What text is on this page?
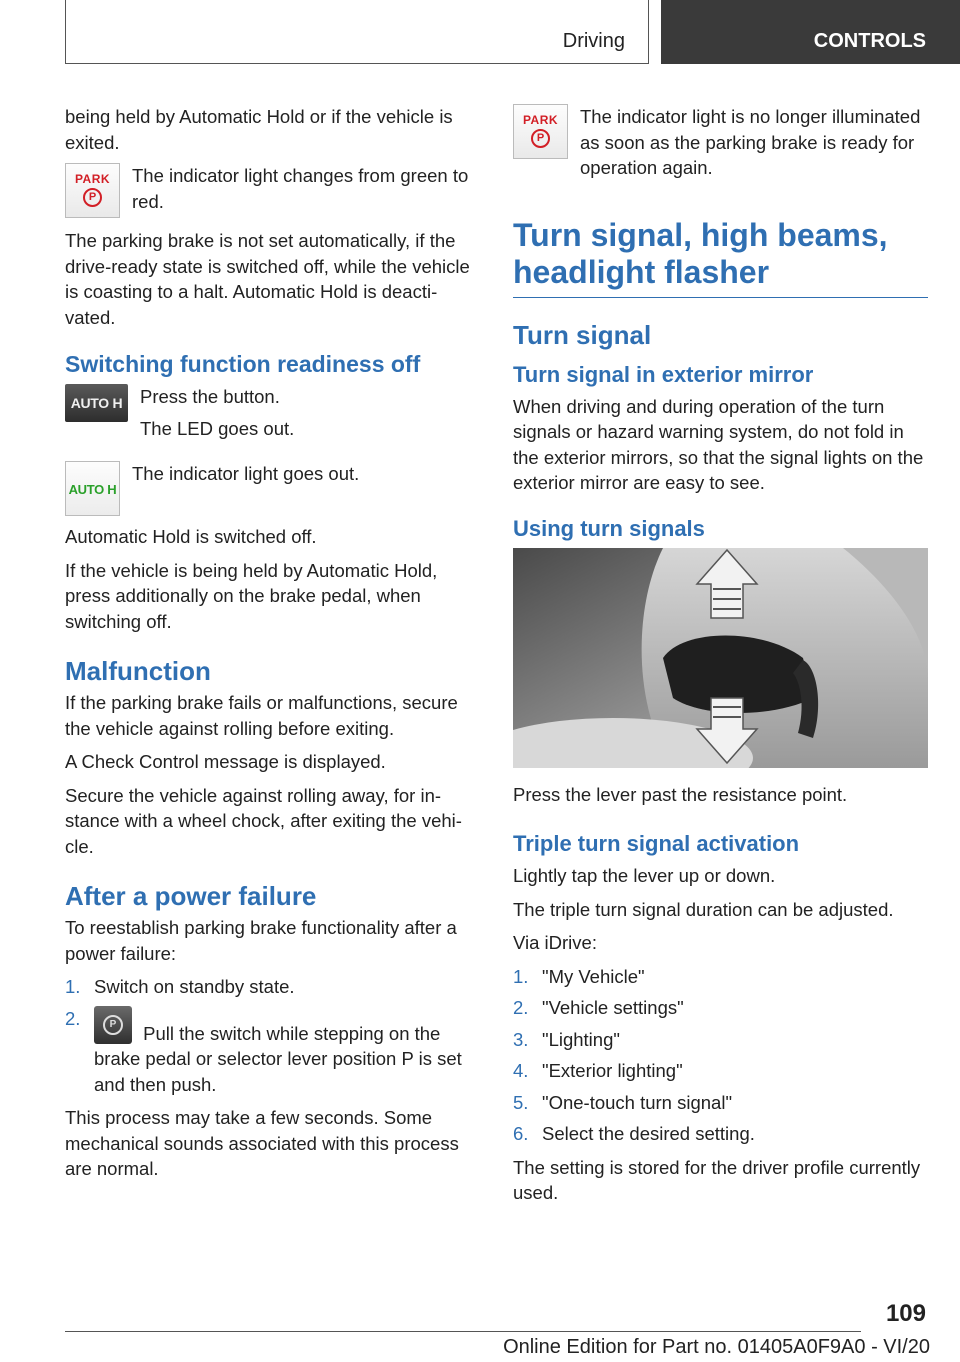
Driving	CONTROLS

being held by Automatic Hold or if the vehicle is exited.

PARK
P

The indicator light changes from green to red.

The parking brake is not set automatically, if the drive-ready state is switched off, while the vehicle is coasting to a halt. Automatic Hold is deactivated.

Switching function readiness off
AUTO H Press the button.

The LED goes out.

AUTO H

The indicator light goes out.

Automatic Hold is switched off.

If the vehicle is being held by Automatic Hold, press additionally on the brake pedal, when switching off.

Malfunction

If the parking brake fails or malfunctions, secure the vehicle against rolling before exiting.

A Check Control message is displayed.

Secure the vehicle against rolling away, for instance with a wheel chock, after exiting the vehicle.

After a power failure

To reestablish parking brake functionality after a power failure:

1. Switch on standby state.
2.	P	Pull the switch while stepping on the brake pedal or selector lever position P is set and then push.

This process may take a few seconds. Some mechanical sounds associated with this process are normal.

PARK
P

The indicator light is no longer illuminated as soon as the parking brake is ready for operation again.

Turn signal, high beams, headlight flasher
Turn signal
Turn signal in exterior mirror

When driving and during operation of the turn signals or hazard warning system, do not fold in the exterior mirrors, so that the signal lights on the exterior mirror are easy to see.

Using turn signals

Press the lever past the resistance point.

Triple turn signal activation

Lightly tap the lever up or down.

The triple turn signal duration can be adjusted.

Via iDrive:

1. "My Vehicle"
2. "Vehicle settings"
3. "Lighting"
4. "Exterior lighting"
5. "One-touch turn signal"
6. Select the desired setting.

The setting is stored for the driver profile currently used.

109
Online Edition for Part no. 01405A0F9A0 - VI/20
